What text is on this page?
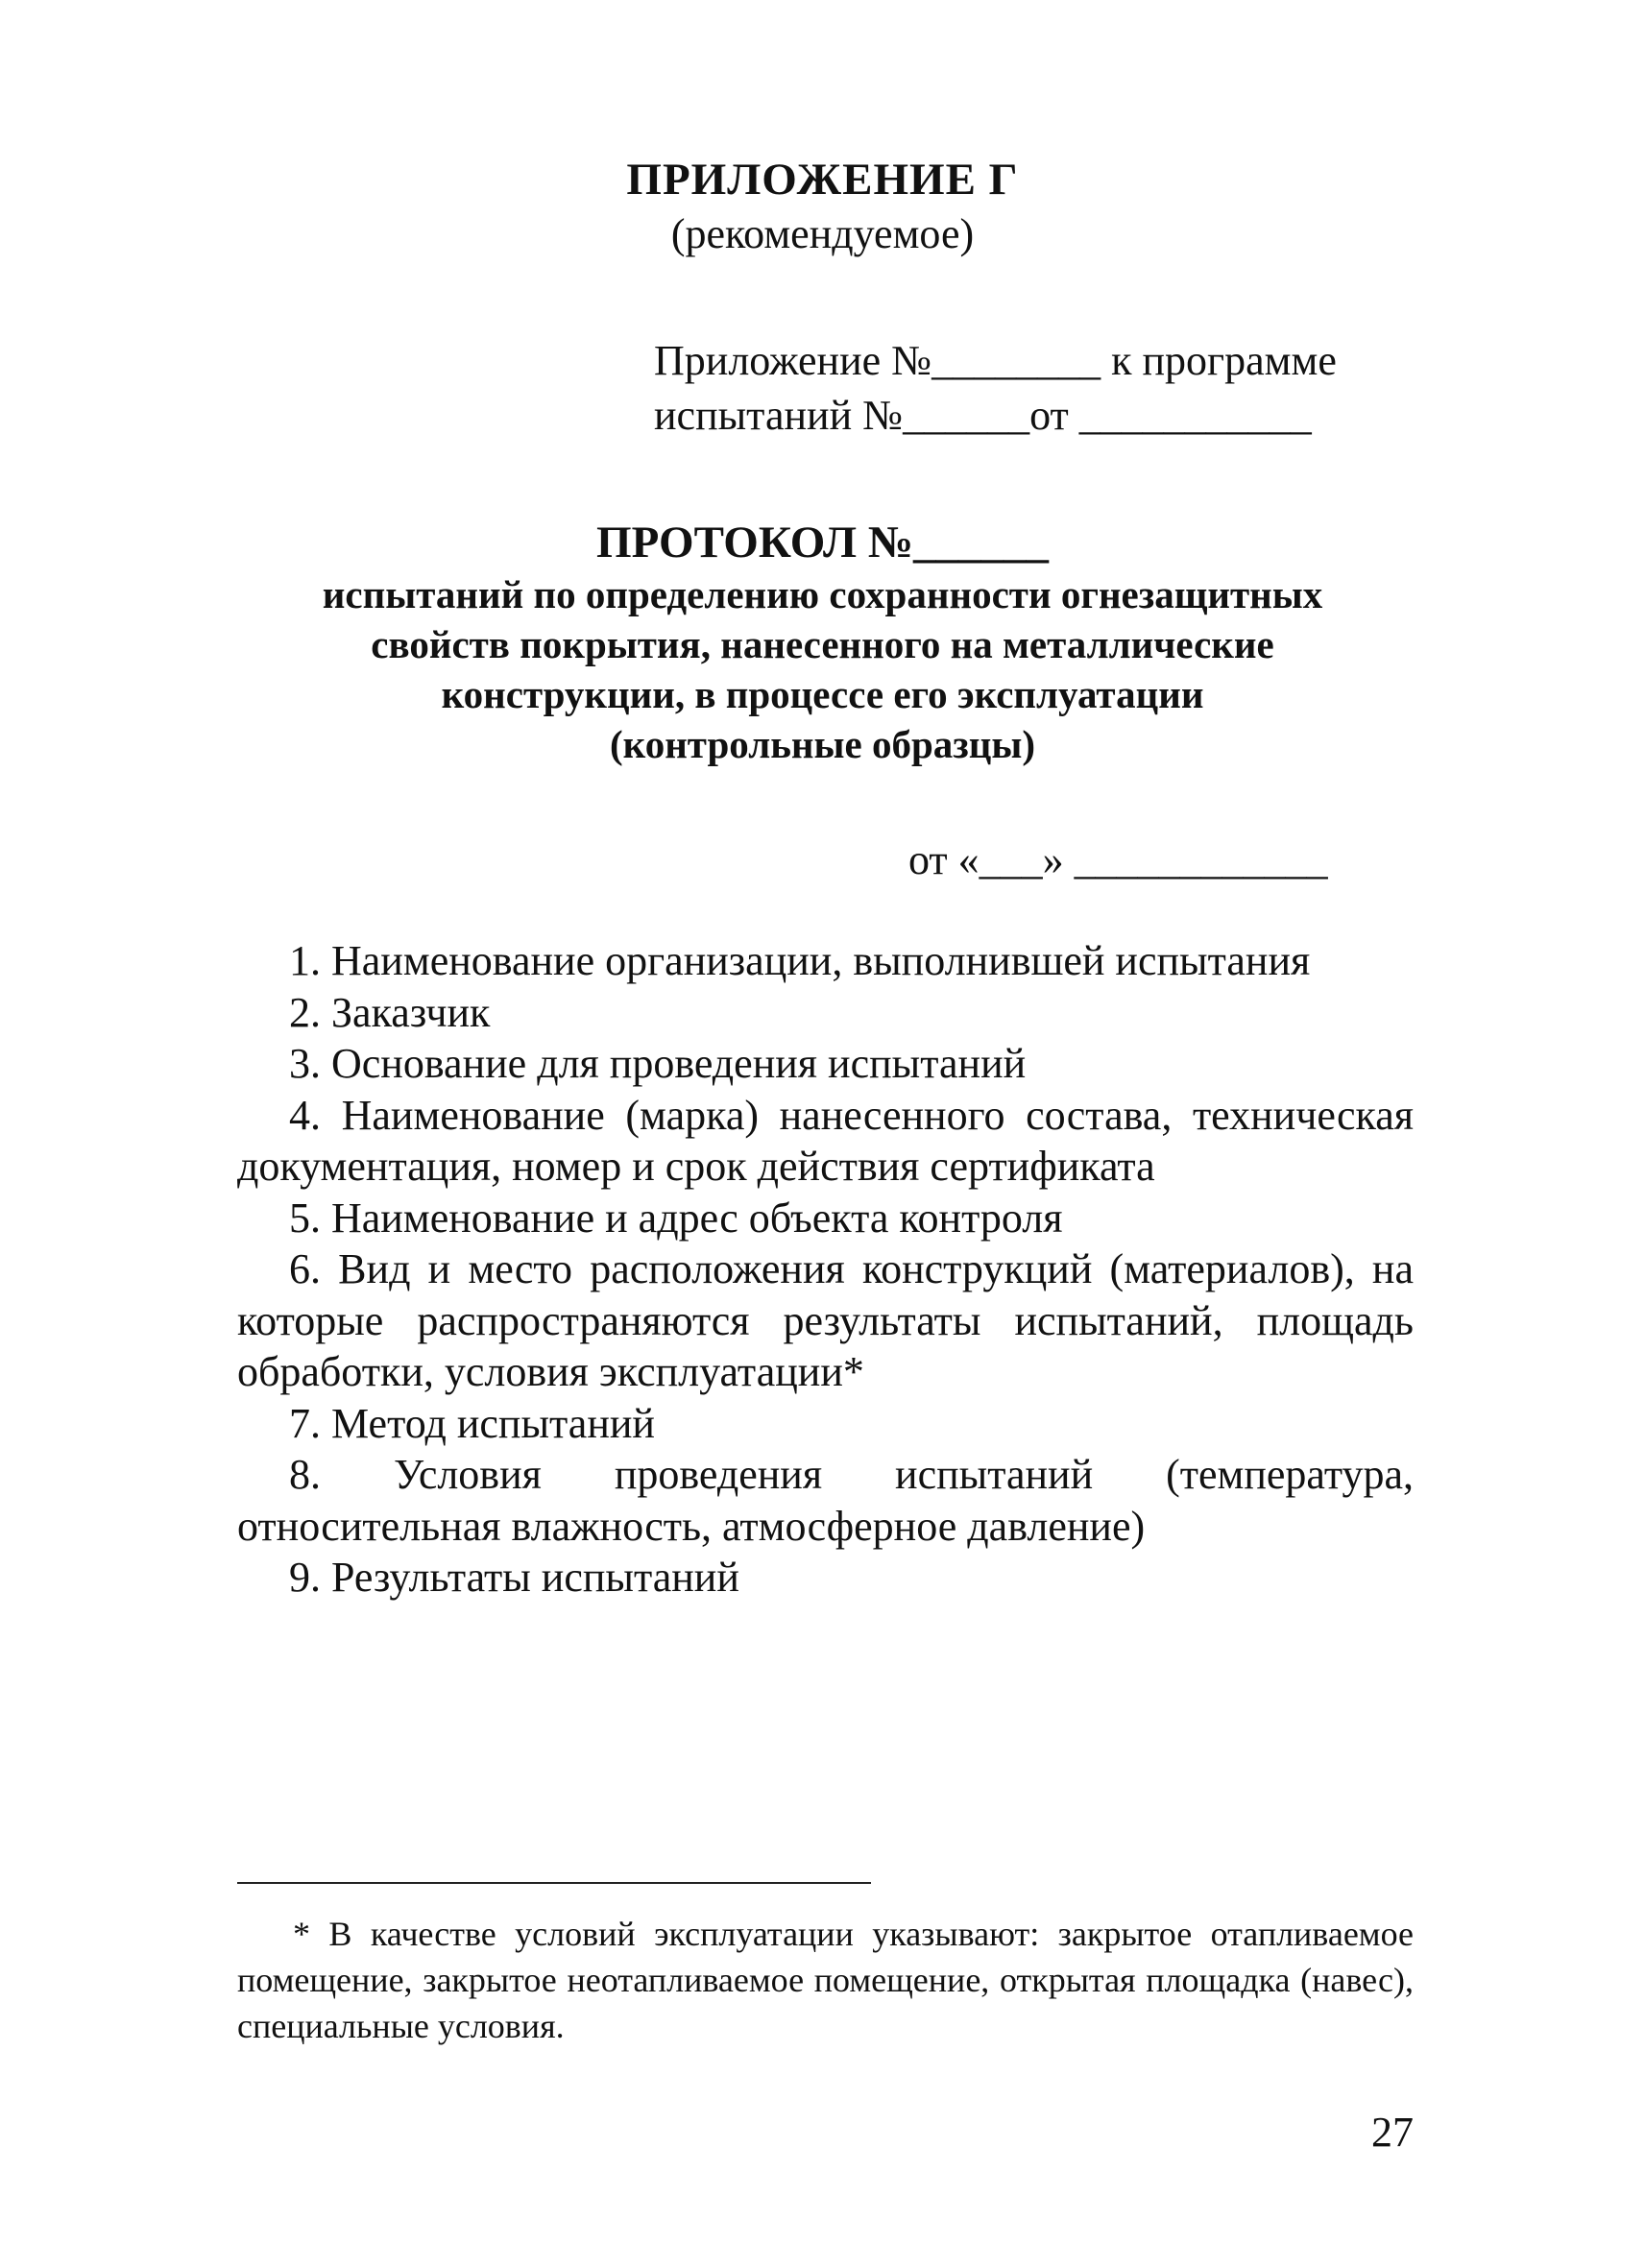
ПРИЛОЖЕНИЕ Г
(рекомендуемое)
Приложение №________ к программе
испытаний №______от ___________
ПРОТОКОЛ №______
испытаний по определению сохранности огнезащитных
свойств покрытия, нанесенного на металлические
конструкции, в процессе его эксплуатации
(контрольные образцы)
от «___» ____________

1. Наименование организации, выполнившей испытания

2. Заказчик

3. Основание для проведения испытаний

4. Наименование (марка) нанесенного состава, техническая документация, номер и срок действия сертификата

5. Наименование и адрес объекта контроля

6. Вид и место расположения конструкций (материалов), на которые распространяются результаты испытаний, площадь обработки, условия эксплуатации*

7. Метод испытаний

8. Условия проведения испытаний (температура, относительная влажность, атмосферное давление)

9. Результаты испытаний

* В качестве условий эксплуатации указывают: закрытое отапливаемое помещение, закрытое неотапливаемое помещение, открытая площадка (навес), специальные условия.
27
